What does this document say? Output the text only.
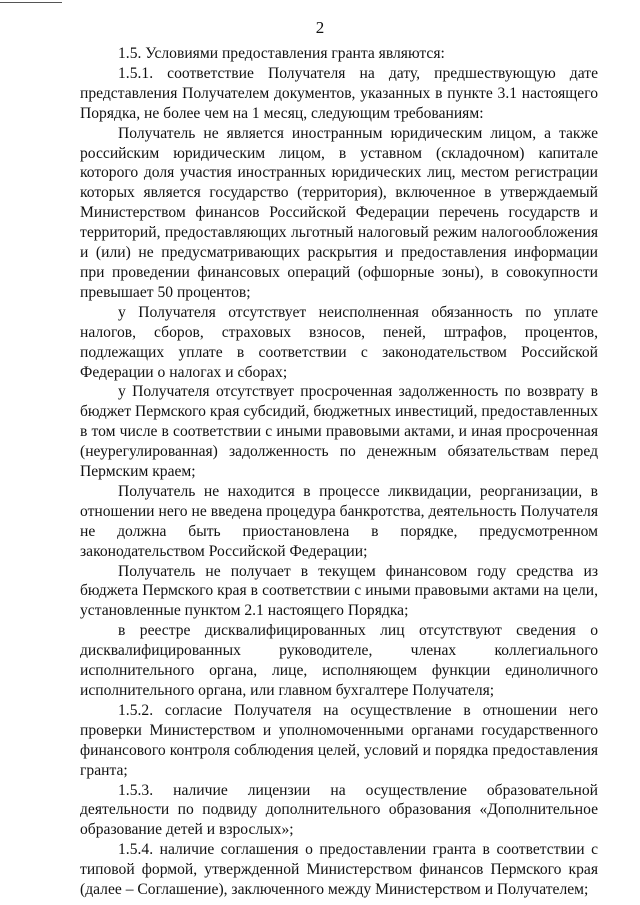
2

1.5. Условиями предоставления гранта являются:

1.5.1. соответствие Получателя на дату, предшествующую дате представления Получателем документов, указанных в пункте 3.1 настоящего Порядка, не более чем на 1 месяц, следующим требованиям:

Получатель не является иностранным юридическим лицом, а также российским юридическим лицом, в уставном (складочном) капитале которого доля участия иностранных юридических лиц, местом регистрации которых является государство (территория), включенное в утверждаемый Министерством финансов Российской Федерации перечень государств и территорий, предоставляющих льготный налоговый режим налогообложения и (или) не предусматривающих раскрытия и предоставления информации при проведении финансовых операций (офшорные зоны), в совокупности превышает 50 процентов;

у Получателя отсутствует неисполненная обязанность по уплате налогов, сборов, страховых взносов, пеней, штрафов, процентов, подлежащих уплате в соответствии с законодательством Российской Федерации о налогах и сборах;

у Получателя отсутствует просроченная задолженность по возврату в бюджет Пермского края субсидий, бюджетных инвестиций, предоставленных в том числе в соответствии с иными правовыми актами, и иная просроченная (неурегулированная) задолженность по денежным обязательствам перед Пермским краем;

Получатель не находится в процессе ликвидации, реорганизации, в отношении него не введена процедура банкротства, деятельность Получателя не должна быть приостановлена в порядке, предусмотренном законодательством Российской Федерации;

Получатель не получает в текущем финансовом году средства из бюджета Пермского края в соответствии с иными правовыми актами на цели, установленные пунктом 2.1 настоящего Порядка;

в реестре дисквалифицированных лиц отсутствуют сведения о дисквалифицированных руководителе, членах коллегиального исполнительного органа, лице, исполняющем функции единоличного исполнительного органа, или главном бухгалтере Получателя;

1.5.2. согласие Получателя на осуществление в отношении него проверки Министерством и уполномоченными органами государственного финансового контроля соблюдения целей, условий и порядка предоставления гранта;

1.5.3. наличие лицензии на осуществление образовательной деятельности по подвиду дополнительного образования «Дополнительное образование детей и взрослых»;

1.5.4. наличие соглашения о предоставлении гранта в соответствии с типовой формой, утвержденной Министерством финансов Пермского края (далее – Соглашение), заключенного между Министерством и Получателем;
